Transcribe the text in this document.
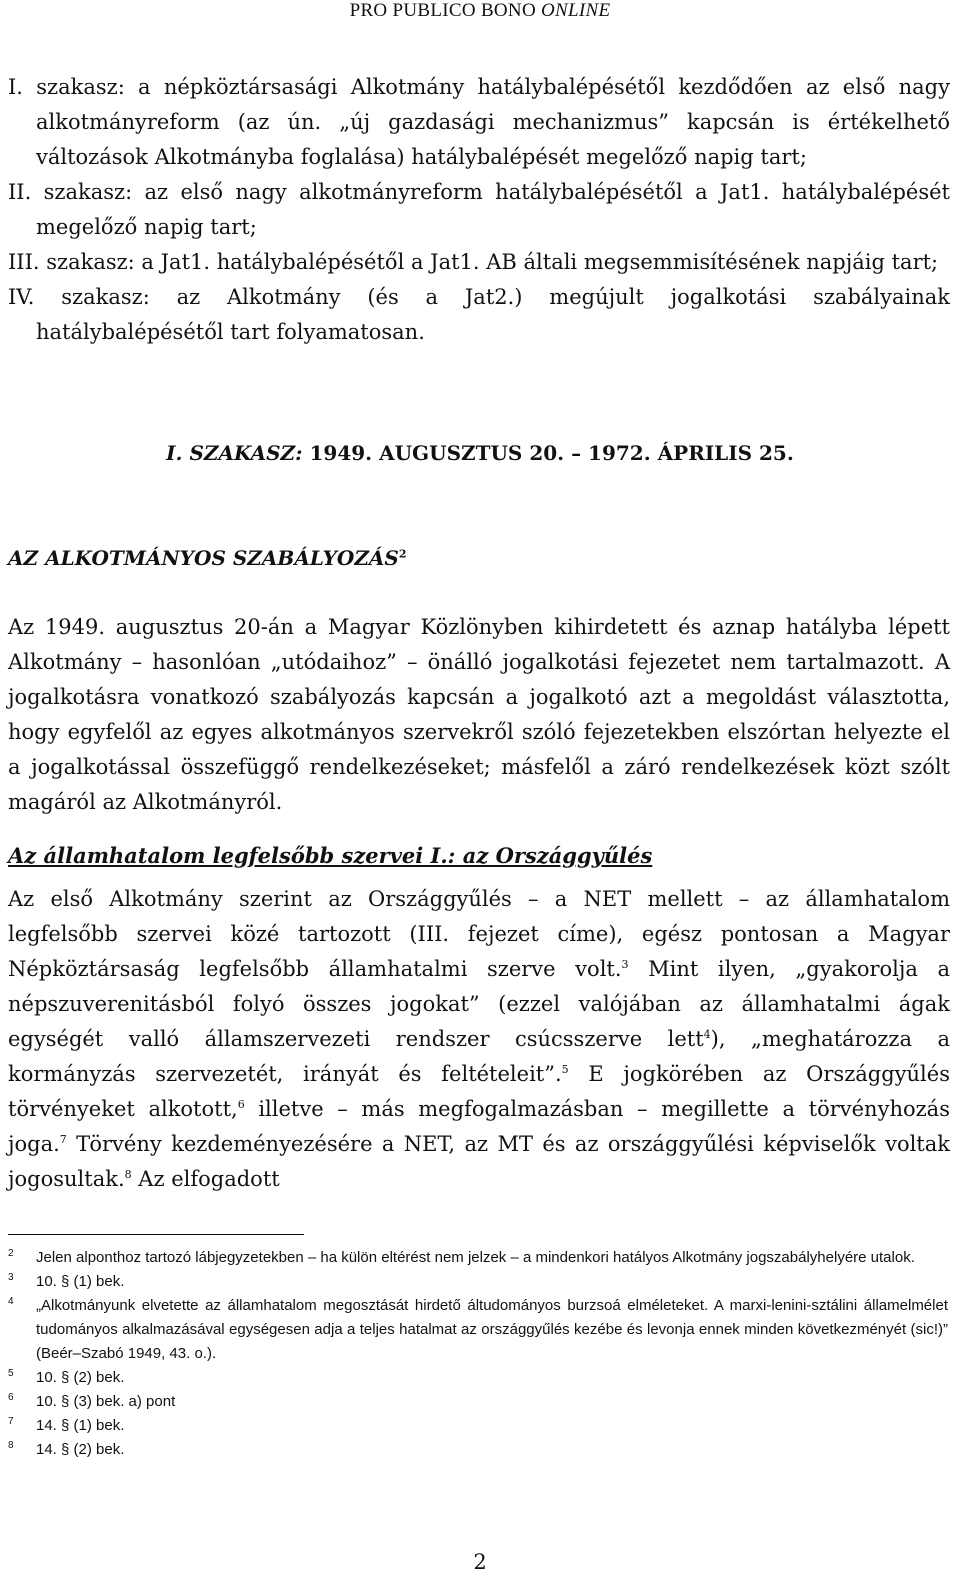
PRO PUBLICO BONO ONLINE

I. szakasz: a népköztársasági Alkotmány hatálybalépésétől kezdődően az első nagy alkotmányreform (az ún. „új gazdasági mechanizmus” kapcsán is értékelhető változások Alkotmányba foglalása) hatálybalépését megelőző napig tart;

II. szakasz: az első nagy alkotmányreform hatálybalépésétől a Jat1. hatálybalépését megelőző napig tart;

III. szakasz: a Jat1. hatálybalépésétől a Jat1. AB általi megsemmisítésének napjáig tart;

IV. szakasz: az Alkotmány (és a Jat2.) megújult jogalkotási szabályainak hatálybalépésétől tart folyamatosan.

I. SZAKASZ: 1949. AUGUSZTUS 20. – 1972. ÁPRILIS 25.
AZ ALKOTMÁNYOS SZABÁLYOZÁS$^2$

Az 1949. augusztus 20-án a Magyar Közlönyben kihirdetett és aznap hatályba lépett Alkotmány – hasonlóan „utódaihoz” – önálló jogalkotási fejezetet nem tartalmazott. A jogalkotásra vonatkozó szabályozás kapcsán a jogalkotó azt a megoldást választotta, hogy egyfelől az egyes alkotmányos szervekről szóló fejezetekben elszórtan helyezte el a jogalkotással összefüggő rendelkezéseket; másfelől a záró rendelkezések közt szólt magáról az Alkotmányról.

Az államhatalom legfelsőbb szervei I.: az Országgyűlés

Az első Alkotmány szerint az Országgyűlés – a NET mellett – az államhatalom legfelsőbb szervei közé tartozott (III. fejezet címe), egész pontosan a Magyar Népköztársaság legfelsőbb államhatalmi szerve volt.$^3$ Mint ilyen, „gyakorolja a népszuverenitásból folyó összes jogokat” (ezzel valójában az államhatalmi ágak egységét valló államszervezeti rendszer csúcsszerve lett$^4$), „meghatározza a kormányzás szervezetét, irányát és feltételeit”.$^5$ E jogkörében az Országgyűlés törvényeket alkotott,$^6$ illetve – más megfogalmazásban – megillette a törvényhozás joga.$^7$ Törvény kezdeményezésére a NET, az MT és az országgyűlési képviselők voltak jogosultak.$^8$ Az elfogadott

2 Jelen alponthoz tartozó lábjegyzetekben – ha külön eltérést nem jelzek – a mindenkori hatályos Alkotmány jogszabályhelyére utalok.

3 10. § (1) bek.

4 „Alkotmányunk elvetette az államhatalom megosztását hirdető áltudományos burzsoá elméleteket. A marxi-lenini-sztálini államelmélet tudományos alkalmazásával egységesen adja a teljes hatalmat az országgyűlés kezébe és levonja ennek minden következményét (sic!)” (Beér–Szabó 1949, 43. o.).

5 10. § (2) bek.

6 10. § (3) bek. a) pont

7 14. § (1) bek.

8 14. § (2) bek.

2
